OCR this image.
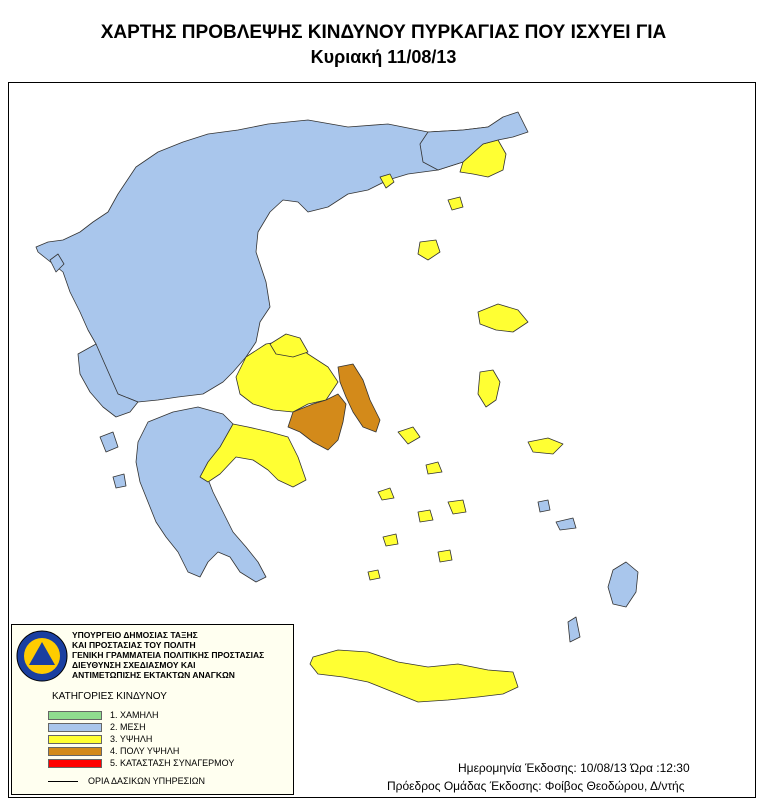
ΧΑΡΤΗΣ ΠΡΟΒΛΕΨΗΣ ΚΙΝΔΥΝΟΥ ΠΥΡΚΑΓΙΑΣ ΠΟΥ ΙΣΧΥΕΙ ΓΙΑ
Κυριακή 11/08/13
ΥΠΟΥΡΓΕΙΟ ΔΗΜΟΣΙΑΣ ΤΑΞΗΣ
ΚΑΙ ΠΡΟΣΤΑΣΙΑΣ ΤΟΥ ΠΟΛΙΤΗ
ΓΕΝΙΚΗ ΓΡΑΜΜΑΤΕΙΑ ΠΟΛΙΤΙΚΗΣ ΠΡΟΣΤΑΣΙΑΣ
ΔΙΕΥΘΥΝΣΗ ΣΧΕΔΙΑΣΜΟΥ ΚΑΙ
ΑΝΤΙΜΕΤΩΠΙΣΗΣ ΕΚΤΑΚΤΩΝ ΑΝΑΓΚΩΝ
ΚΑΤΗΓΟΡΙΕΣ ΚΙΝΔΥΝΟΥ
1. ΧΑΜΗΛΗ
2. ΜΕΣΗ
3. ΥΨΗΛΗ
4. ΠΟΛΥ ΥΨΗΛΗ
5. ΚΑΤΑΣΤΑΣΗ ΣΥΝΑΓΕΡΜΟΥ
ΟΡΙΑ ΔΑΣΙΚΩΝ ΥΠΗΡΕΣΙΩΝ
Ημερομηνία Έκδοσης: 10/08/13 Ώρα :12:30
Πρόεδρος Ομάδας Έκδοσης: Φοίβος Θεοδώρου, Δ/ντής
